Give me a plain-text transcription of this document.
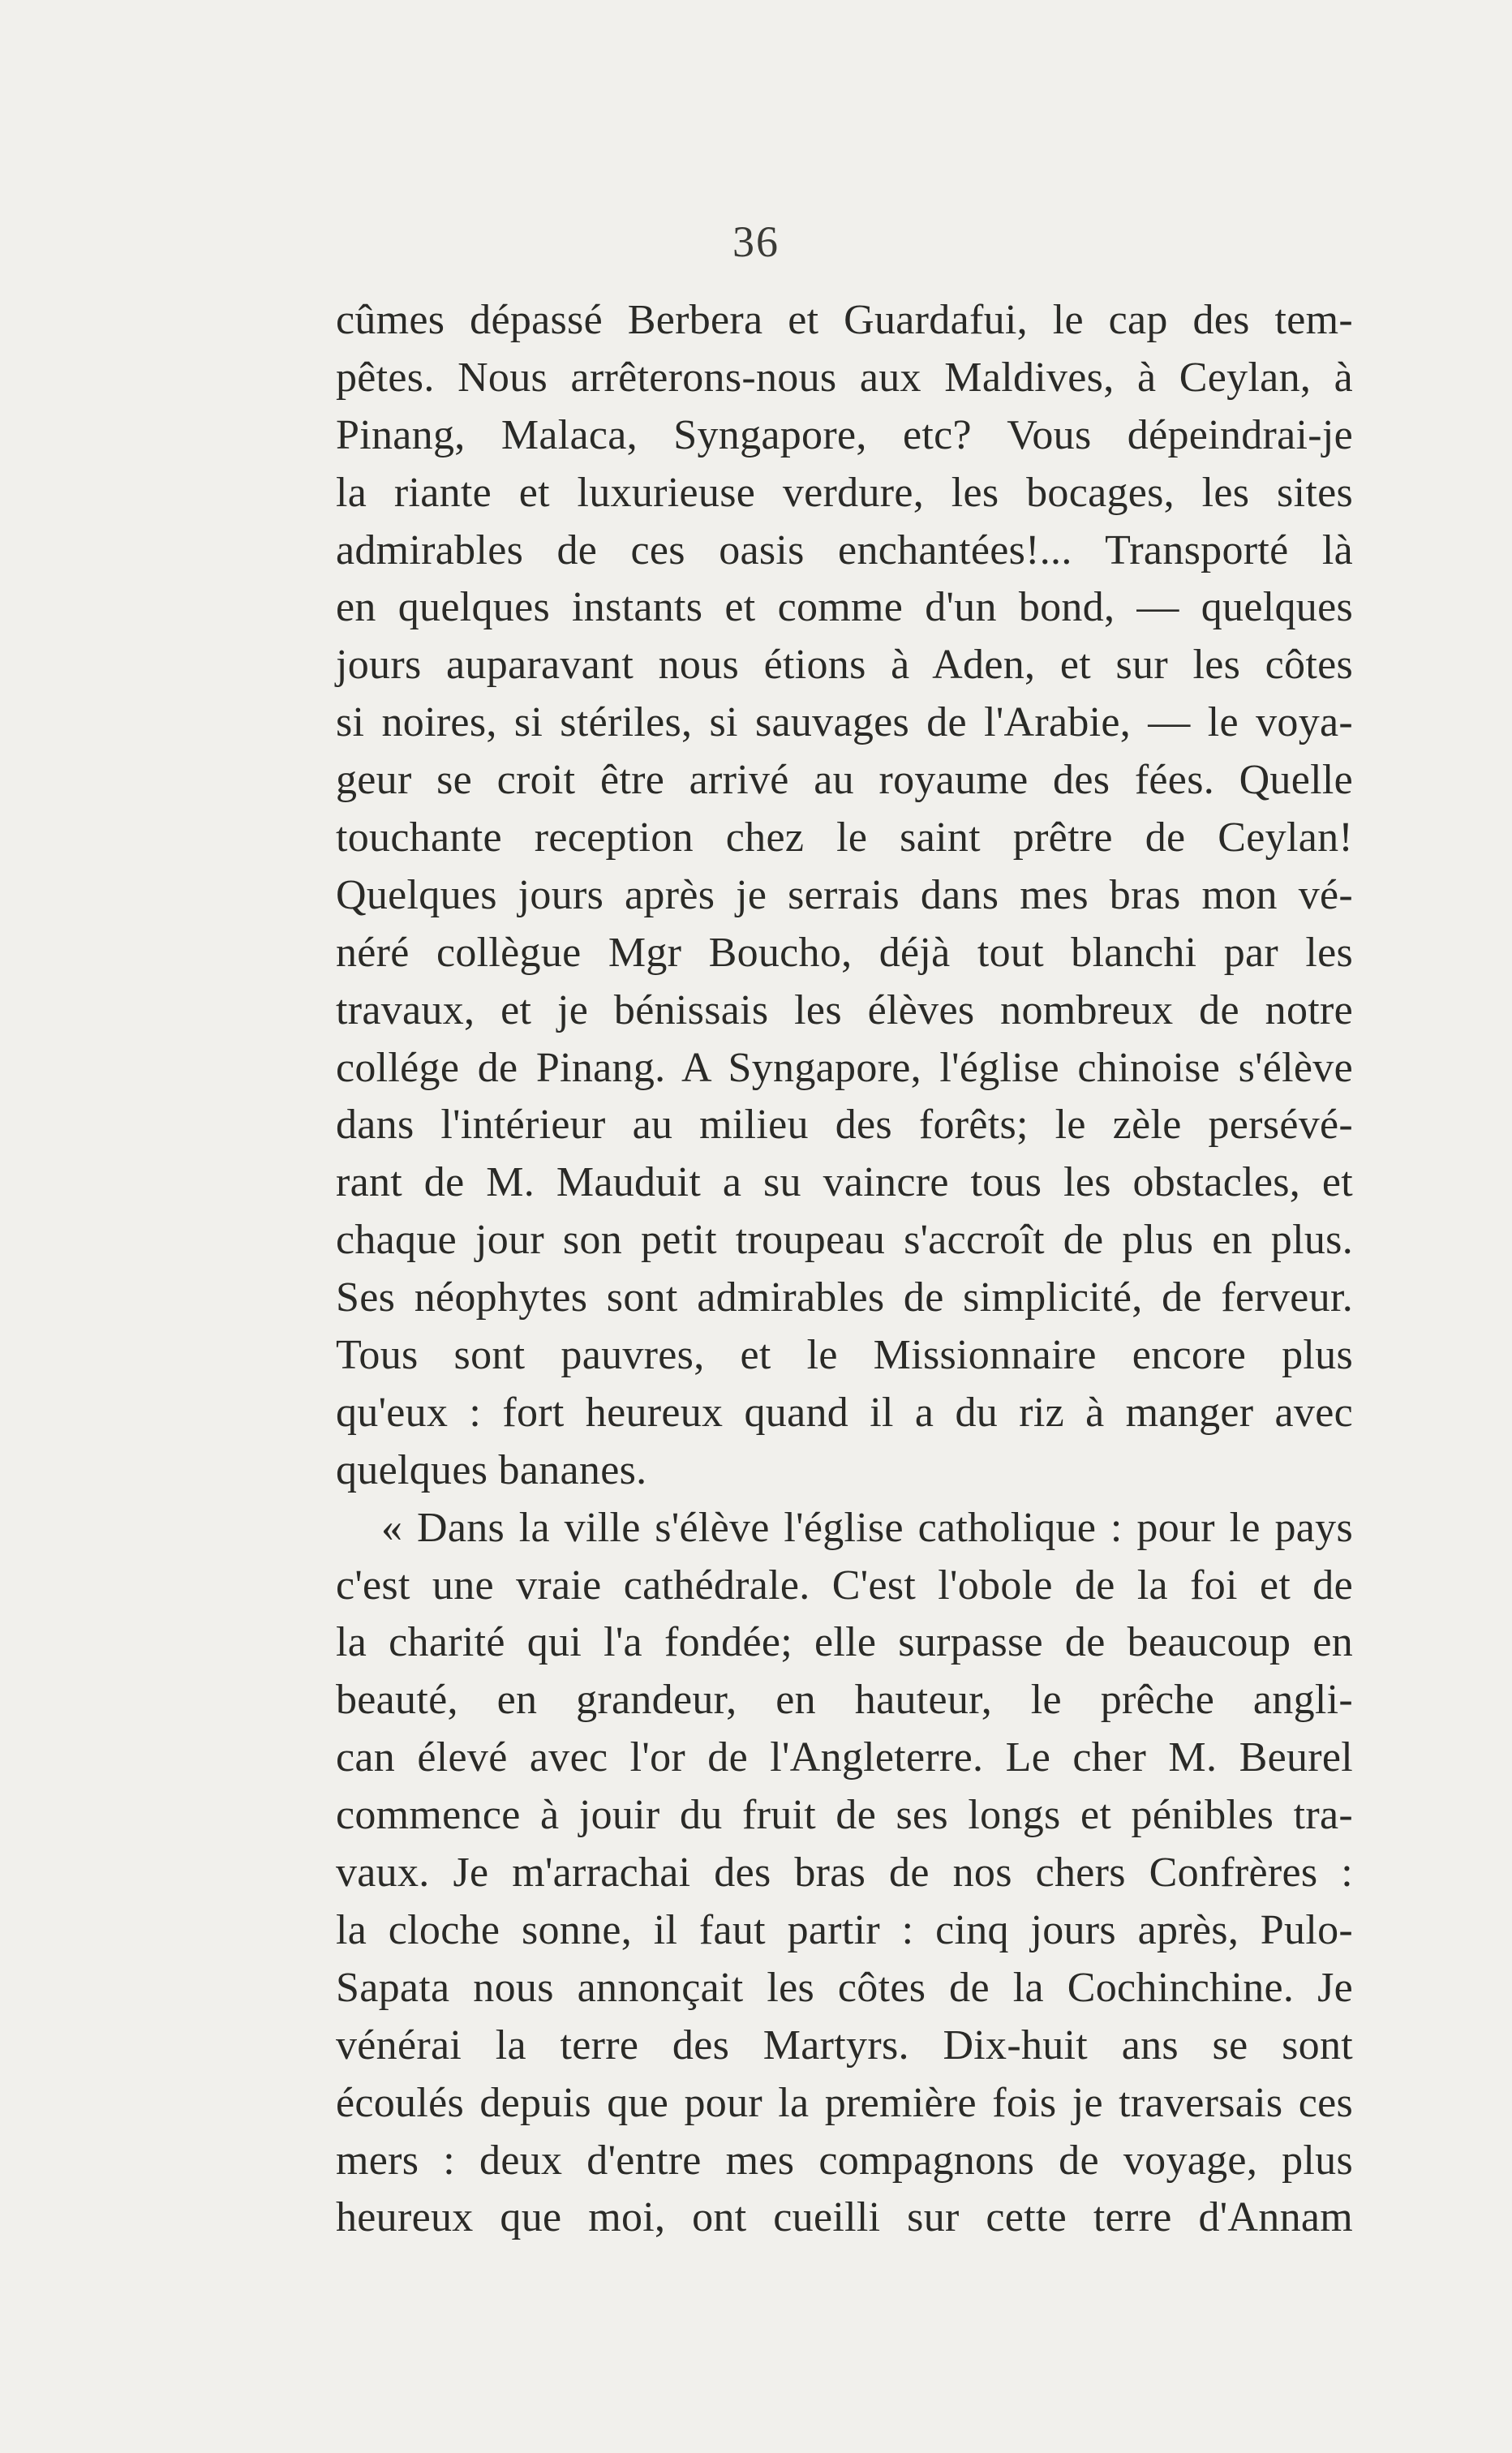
36
cûmes dépassé Berbera et Guardafui, le cap des tem-
pêtes. Nous arrêterons-nous aux Maldives, à Ceylan, à
Pinang, Malaca, Syngapore, etc? Vous dépeindrai-je
la riante et luxurieuse verdure, les bocages, les sites
admirables de ces oasis enchantées!... Transporté là
en quelques instants et comme d'un bond, — quelques
jours auparavant nous étions à Aden, et sur les côtes
si noires, si stériles, si sauvages de l'Arabie, — le voya-
geur se croit être arrivé au royaume des fées. Quelle
touchante reception chez le saint prêtre de Ceylan!
Quelques jours après je serrais dans mes bras mon vé-
néré collègue Mgr Boucho, déjà tout blanchi par les
travaux, et je bénissais les élèves nombreux de notre
collége de Pinang. A Syngapore, l'église chinoise s'élève
dans l'intérieur au milieu des forêts; le zèle persévé-
rant de M. Mauduit a su vaincre tous les obstacles, et
chaque jour son petit troupeau s'accroît de plus en plus.
Ses néophytes sont admirables de simplicité, de ferveur.
Tous sont pauvres, et le Missionnaire encore plus
qu'eux : fort heureux quand il a du riz à manger avec
quelques bananes.
« Dans la ville s'élève l'église catholique : pour le pays
c'est une vraie cathédrale. C'est l'obole de la foi et de
la charité qui l'a fondée; elle surpasse de beaucoup en
beauté, en grandeur, en hauteur, le prêche angli-
can élevé avec l'or de l'Angleterre. Le cher M. Beurel
commence à jouir du fruit de ses longs et pénibles tra-
vaux. Je m'arrachai des bras de nos chers Confrères :
la cloche sonne, il faut partir : cinq jours après, Pulo-
Sapata nous annonçait les côtes de la Cochinchine. Je
vénérai la terre des Martyrs. Dix-huit ans se sont
écoulés depuis que pour la première fois je traversais ces
mers : deux d'entre mes compagnons de voyage, plus
heureux que moi, ont cueilli sur cette terre d'Annam
